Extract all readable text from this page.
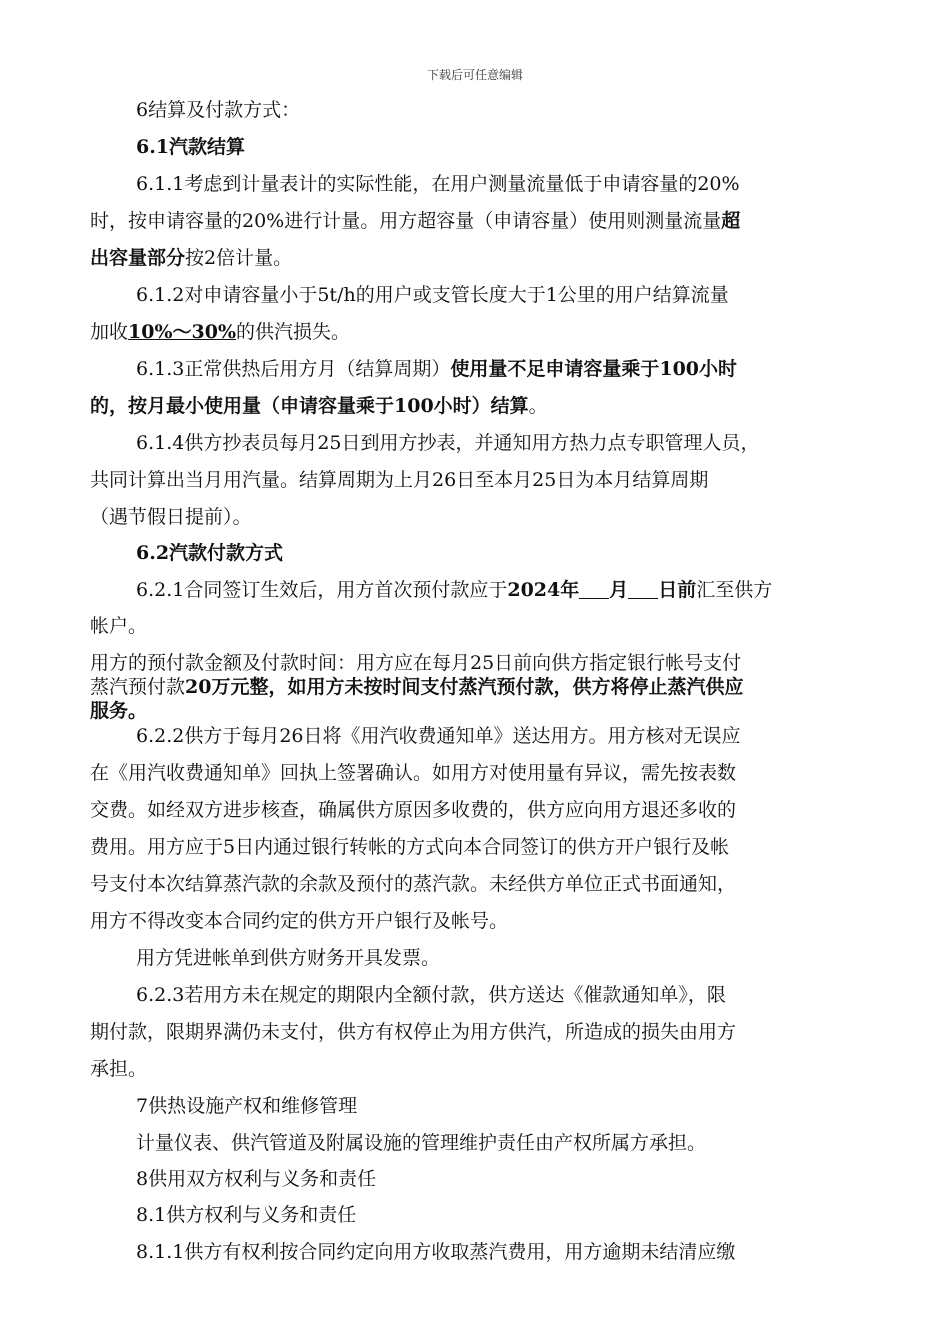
下载后可任意编辑
6结算及付款方式：
6.1汽款结算
6.1.1考虑到计量表计的实际性能，在用户测量流量低于申请容量的20%
时，按申请容量的20%进行计量。用方超容量（申请容量）使用则测量流量超
出容量部分按2倍计量。
6.1.2对申请容量小于5t/h的用户或支管长度大于1公里的用户结算流量
加收10%～30%的供汽损失。
6.1.3正常供热后用方月（结算周期）使用量不足申请容量乘于100小时
的，按月最小使用量（申请容量乘于100小时）结算。
6.1.4供方抄表员每月25日到用方抄表，并通知用方热力点专职管理人员，
共同计算出当月用汽量。结算周期为上月26日至本月25日为本月结算周期
（遇节假日提前）。
6.2汽款付款方式
6.2.1合同签订生效后，用方首次预付款应于2024年 月 日前汇至供方
帐户。
用方的预付款金额及付款时间：用方应在每月25日前向供方指定银行帐号支付
蒸汽预付款20万元整，如用方未按时间支付蒸汽预付款，供方将停止蒸汽供应
服务。
6.2.2供方于每月26日将《用汽收费通知单》送达用方。用方核对无误应
在《用汽收费通知单》回执上签署确认。如用方对使用量有异议，需先按表数
交费。如经双方进步核查，确属供方原因多收费的，供方应向用方退还多收的
费用。用方应于5日内通过银行转帐的方式向本合同签订的供方开户银行及帐
号支付本次结算蒸汽款的余款及预付的蒸汽款。未经供方单位正式书面通知，
用方不得改变本合同约定的供方开户银行及帐号。
用方凭进帐单到供方财务开具发票。
6.2.3若用方未在规定的期限内全额付款，供方送达《催款通知单》，限
期付款，限期界满仍未支付，供方有权停止为用方供汽，所造成的损失由用方
承担。
7供热设施产权和维修管理
计量仪表、供汽管道及附属设施的管理维护责任由产权所属方承担。
8供用双方权利与义务和责任
8.1供方权利与义务和责任
8.1.1供方有权利按合同约定向用方收取蒸汽费用，用方逾期未结清应缴
